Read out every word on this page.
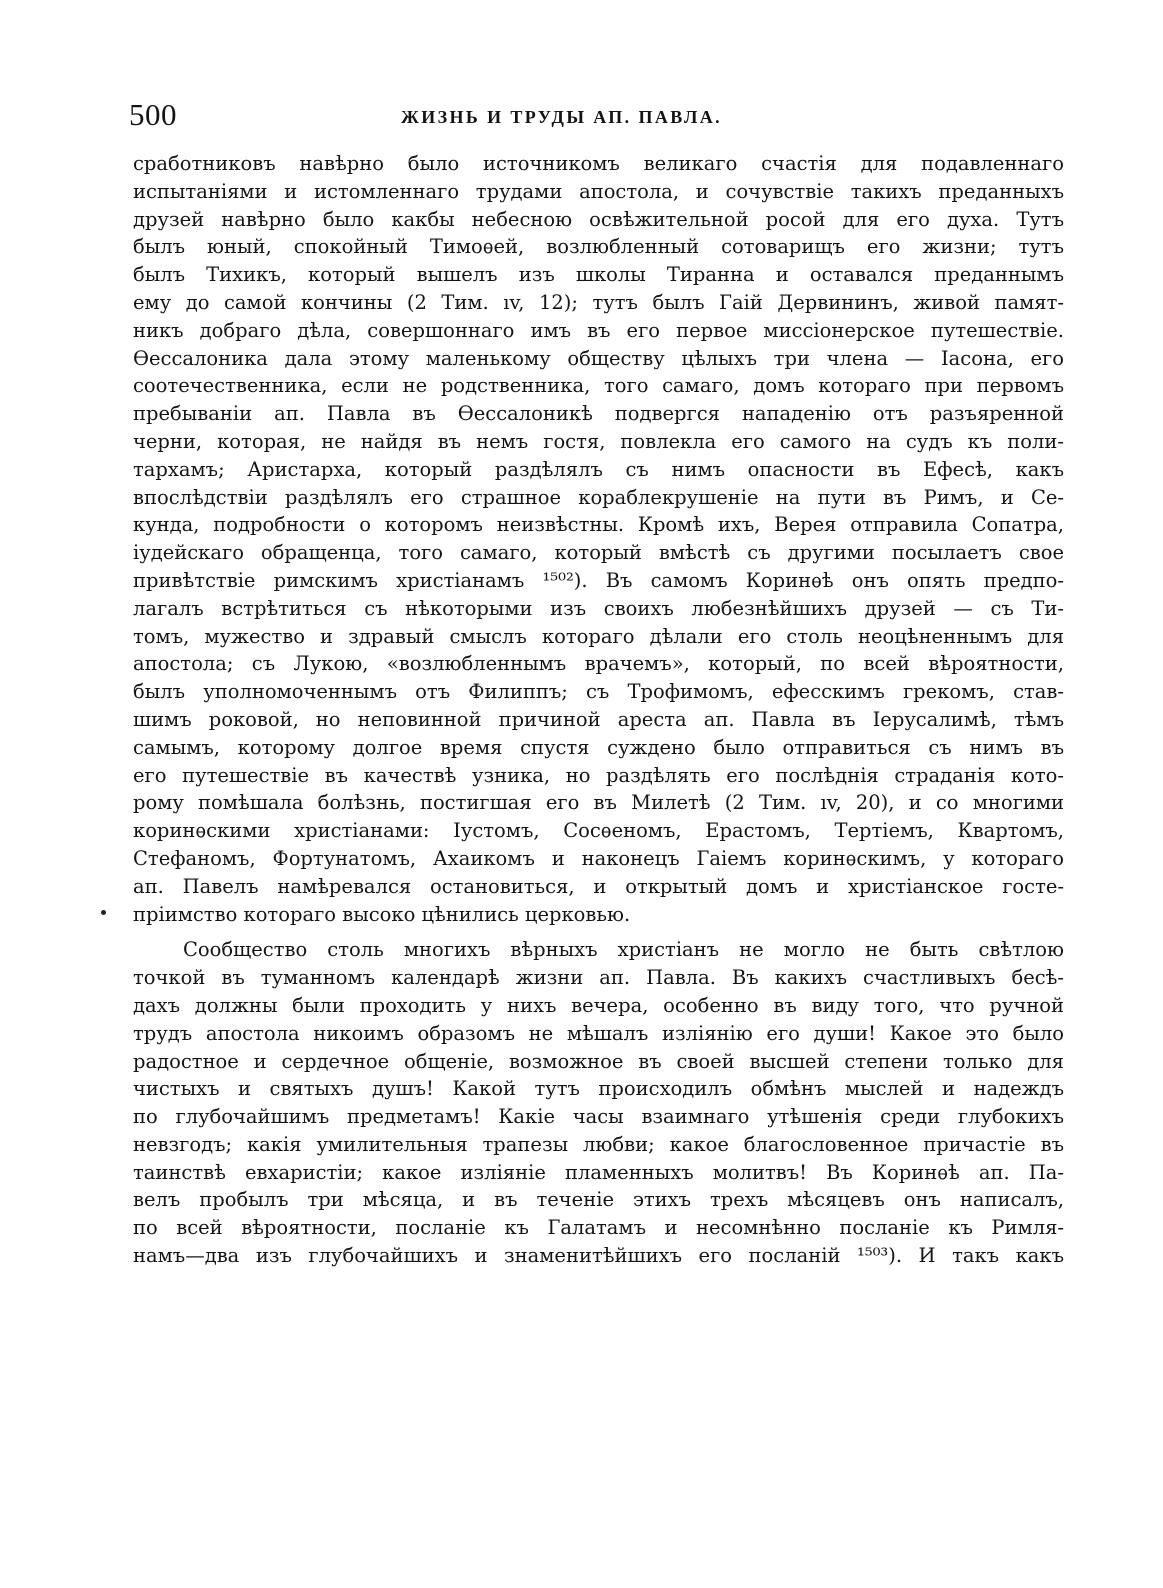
500	ЖИЗНЬ И ТРУДЫ АП. ПАВЛА.
сработниковъ навѣрно было источникомъ великаго счастія для подавленнаго
испытаніями и истомленнаго трудами апостола, и сочувствіе такихъ преданныхъ
друзей навѣрно было какбы небесною освѣжительной росой для его духа. Тутъ
былъ юный, спокойный Тимоѳей, возлюбленный сотоварищъ его жизни; тутъ
былъ Тихикъ, который вышелъ изъ школы Тиранна и оставался преданнымъ
ему до самой кончины (2 Тим. ıv, 12); тутъ былъ Гаій Дервининъ, живой памят-
никъ добраго дѣла, совершоннаго имъ въ его первое миссіонерское путешествіе.
Ѳессалоника дала этому маленькому обществу цѣлыхъ три члена — Іасона, его
соотечественника, если не родственника, того самаго, домъ котораго при первомъ
пребываніи ап. Павла въ Ѳессалоникѣ подвергся нападенію отъ разъяренной
черни, которая, не найдя въ немъ гостя, повлекла его самого на судъ къ поли-
тархамъ; Аристарха, который раздѣлялъ съ нимъ опасности въ Ефесѣ, какъ
впослѣдствіи раздѣлялъ его страшное кораблекрушеніе на пути въ Римъ, и Се-
кунда, подробности о которомъ неизвѣстны. Кромѣ ихъ, Верея отправила Сопатра,
іудейскаго обращенца, того самаго, который вмѣстѣ съ другими посылаетъ свое
привѣтствіе римскимъ христіанамъ ¹⁵⁰²). Въ самомъ Коринѳѣ онъ опять предпо-
лагалъ встрѣтиться съ нѣкоторыми изъ своихъ любезнѣйшихъ друзей — съ Ти-
томъ, мужество и здравый смыслъ котораго дѣлали его столь неоцѣненнымъ для
апостола; съ Лукою, «возлюбленнымъ врачемъ», который, по всей вѣроятности,
былъ уполномоченнымъ отъ Филиппъ; съ Трофимомъ, ефесскимъ грекомъ, став-
шимъ роковой, но неповинной причиной ареста ап. Павла въ Іерусалимѣ, тѣмъ
самымъ, которому долгое время спустя суждено было отправиться съ нимъ въ
его путешествіе въ качествѣ узника, но раздѣлять его послѣднія страданія кото-
рому помѣшала болѣзнь, постигшая его въ Милетѣ (2 Тим. ıv, 20), и со многими
коринѳскими христіанами: Іустомъ, Сосѳеномъ, Ерастомъ, Тертіемъ, Квартомъ,
Стефаномъ, Фортунатомъ, Ахаикомъ и наконецъ Гаіемъ коринѳскимъ, у котораго
ап. Павелъ намѣревался остановиться, и открытый домъ и христіанское госте-
пріимство котораго высоко цѣнились церковью.
Сообщество столь многихъ вѣрныхъ христіанъ не могло не быть свѣтлою
точкой въ туманномъ календарѣ жизни ап. Павла. Въ какихъ счастливыхъ бесѣ-
дахъ должны были проходить у нихъ вечера, особенно въ виду того, что ручной
трудъ апостола никоимъ образомъ не мѣшалъ изліянію его души! Какое это было
радостное и сердечное общеніе, возможное въ своей высшей степени только для
чистыхъ и святыхъ душъ! Какой тутъ происходилъ обмѣнъ мыслей и надеждъ
по глубочайшимъ предметамъ! Какіе часы взаимнаго утѣшенія среди глубокихъ
невзгодъ; какія умилительныя трапезы любви; какое благословенное причастіе въ
таинствѣ евхаристіи; какое изліяніе пламенныхъ молитвъ! Въ Коринѳѣ ап. Па-
велъ пробылъ три мѣсяца, и въ теченіе этихъ трехъ мѣсяцевъ онъ написалъ,
по всей вѣроятности, посланіе къ Галатамъ и несомнѣнно посланіе къ Римля-
намъ—два изъ глубочайшихъ и знаменитѣйшихъ его посланій ¹⁵⁰³). И такъ какъ
